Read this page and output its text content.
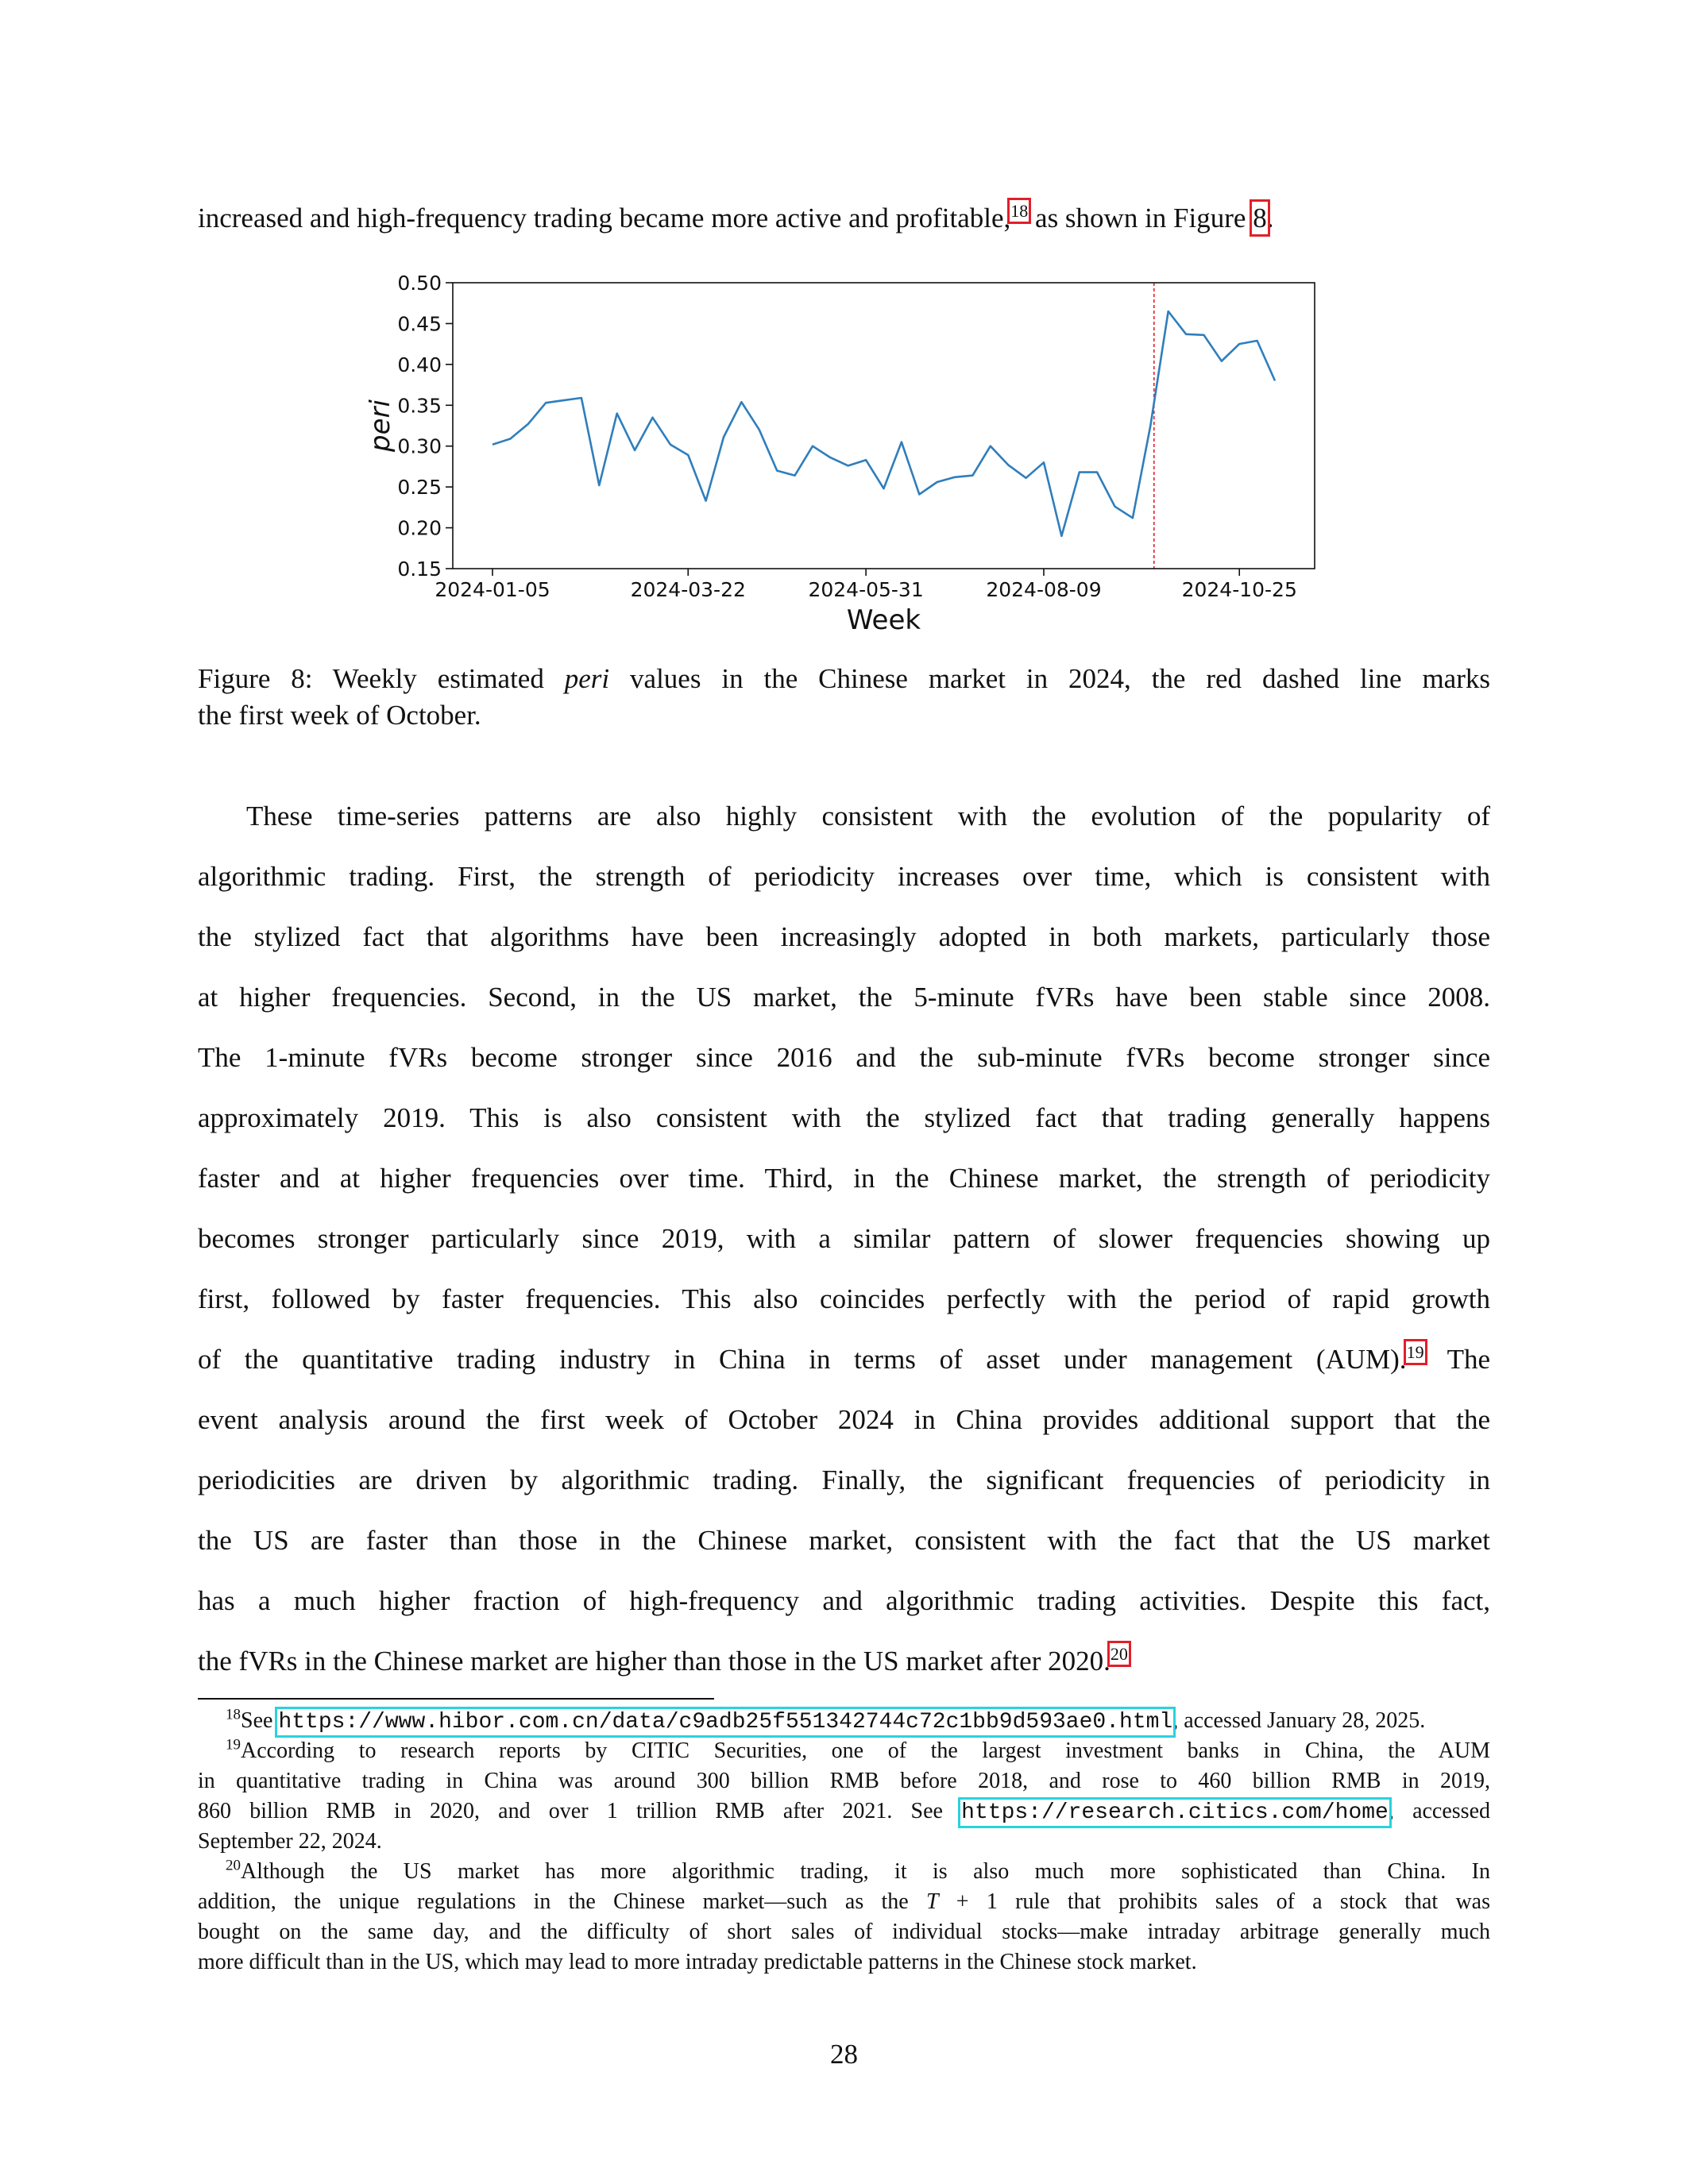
increased and high-frequency trading became more active and profitable,$^{18}$ as shown in Figure 8.
0.15
0.20
0.25
0.30
0.35
0.40
0.45
0.50
2024-01-05	2024-03-22	2024-05-31	2024-08-09	2024-10-25
peri
Week
Figure 8: Weekly estimated peri values in the Chinese market in 2024, the red dashed line marks
the first week of October.
These time-series patterns are also highly consistent with the evolution of the popularity of
algorithmic trading. First, the strength of periodicity increases over time, which is consistent with
the stylized fact that algorithms have been increasingly adopted in both markets, particularly those
at higher frequencies. Second, in the US market, the 5-minute fVRs have been stable since 2008.
The 1-minute fVRs become stronger since 2016 and the sub-minute fVRs become stronger since
approximately 2019. This is also consistent with the stylized fact that trading generally happens
faster and at higher frequencies over time. Third, in the Chinese market, the strength of periodicity
becomes stronger particularly since 2019, with a similar pattern of slower frequencies showing up
first, followed by faster frequencies. This also coincides perfectly with the period of rapid growth
of the quantitative trading industry in China in terms of asset under management (AUM).$^{19}$ The
event analysis around the first week of October 2024 in China provides additional support that the
periodicities are driven by algorithmic trading. Finally, the significant frequencies of periodicity in
the US are faster than those in the Chinese market, consistent with the fact that the US market
has a much higher fraction of high-frequency and algorithmic trading activities. Despite this fact,
the fVRs in the Chinese market are higher than those in the US market after 2020.20
$^{18}$See https://www.hibor.com.cn/data/c9adb25f551342744c72c1bb9d593ae0.html, accessed January 28, 2025.
$^{19}$According to research reports by CITIC Securities, one of the largest investment banks in China, the AUM
in quantitative trading in China was around 300 billion RMB before 2018, and rose to 460 billion RMB in 2019,
860 billion RMB in 2020, and over 1 trillion RMB after 2021. See https://research.citics.com/home, accessed
September 22, 2024.
$^{20}$Although the US market has more algorithmic trading, it is also much more sophisticated than China. In
addition, the unique regulations in the Chinese market—such as the T + 1 rule that prohibits sales of a stock that was
bought on the same day, and the difficulty of short sales of individual stocks—make intraday arbitrage generally much
more difficult than in the US, which may lead to more intraday predictable patterns in the Chinese stock market.
28
